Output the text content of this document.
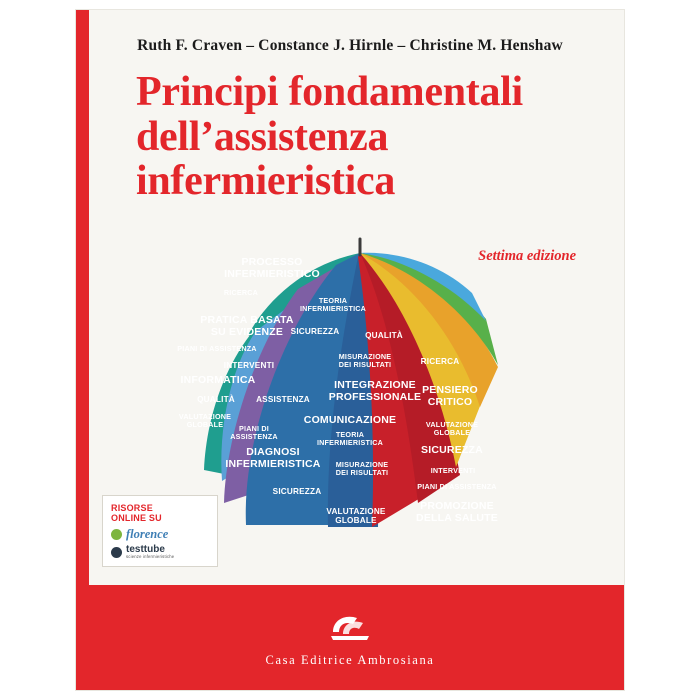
Ruth F. Craven – Constance J. Hirnle – Christine M. Henshaw
Principi fondamentali
dell’assistenza
infermieristica
Settima edizione
PROCESSO
INFERMIERISTICO
RICERCA
TEORIA
INFERMIERISTICA
PRATICA BASATA
SU EVIDENZE SICUREZZA	QUALITÀ
PIANI DI ASSISTENZA
INTERVENTI
MISURAZIONE
DEI RISULTATI
INFORMATICA
QUALITÀ	ASSISTENZA
INTEGRAZIONE
PROFESSIONALE
RICERCA
VALUTAZIONE
GLOBALE	COMUNICAZIONE
PENSIERO
CRITICO
PIANI DI
ASSISTENZA	TEORIA
INFERMIERISTICA
VALUTAZIONE
GLOBALE
DIAGNOSI
INFERMIERISTICA	MISURAZIONE
DEI RISULTATI
SICUREZZA
INTERVENTI
SICUREZZA
PIANI DI ASSISTENZA
VALUTAZIONE
GLOBALE
PROMOZIONE
DELLA SALUTE
RISORSE
ONLINE SU
florence
testtube
scienze infermieristiche
Casa Editrice Ambrosiana
